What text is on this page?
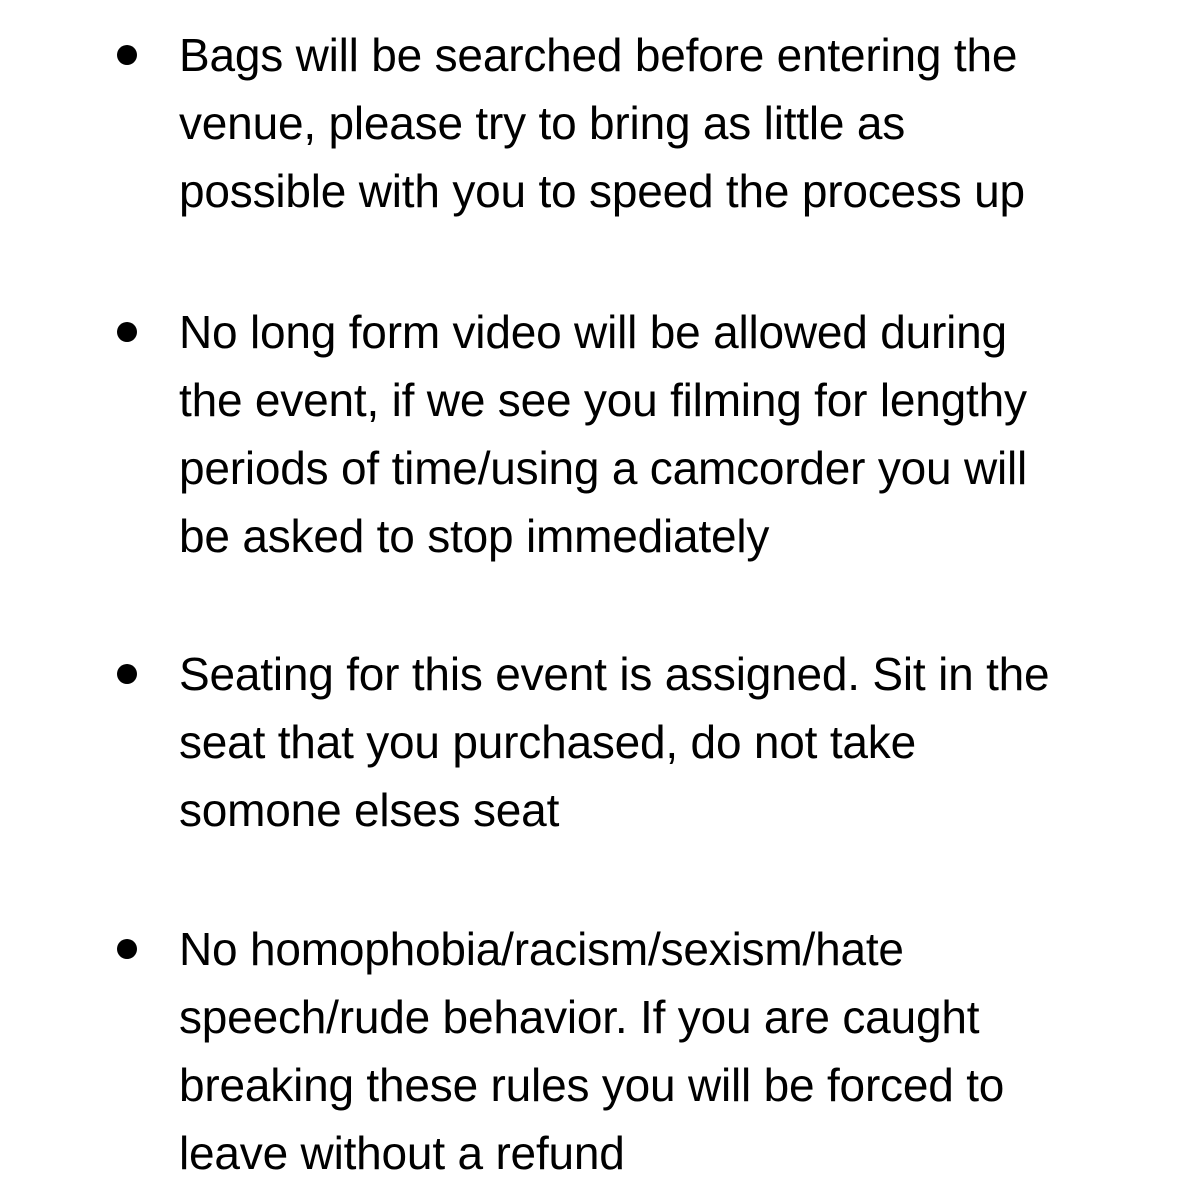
Bags will be searched before entering the
venue, please try to bring as little as
possible with you to speed the process up

No long form video will be allowed during
the event, if we see you filming for lengthy
periods of time/using a camcorder you will
be asked to stop immediately

Seating for this event is assigned. Sit in the
seat that you purchased, do not take
somone elses seat

No homophobia/racism/sexism/hate
speech/rude behavior. If you are caught
breaking these rules you will be forced to
leave without a refund
